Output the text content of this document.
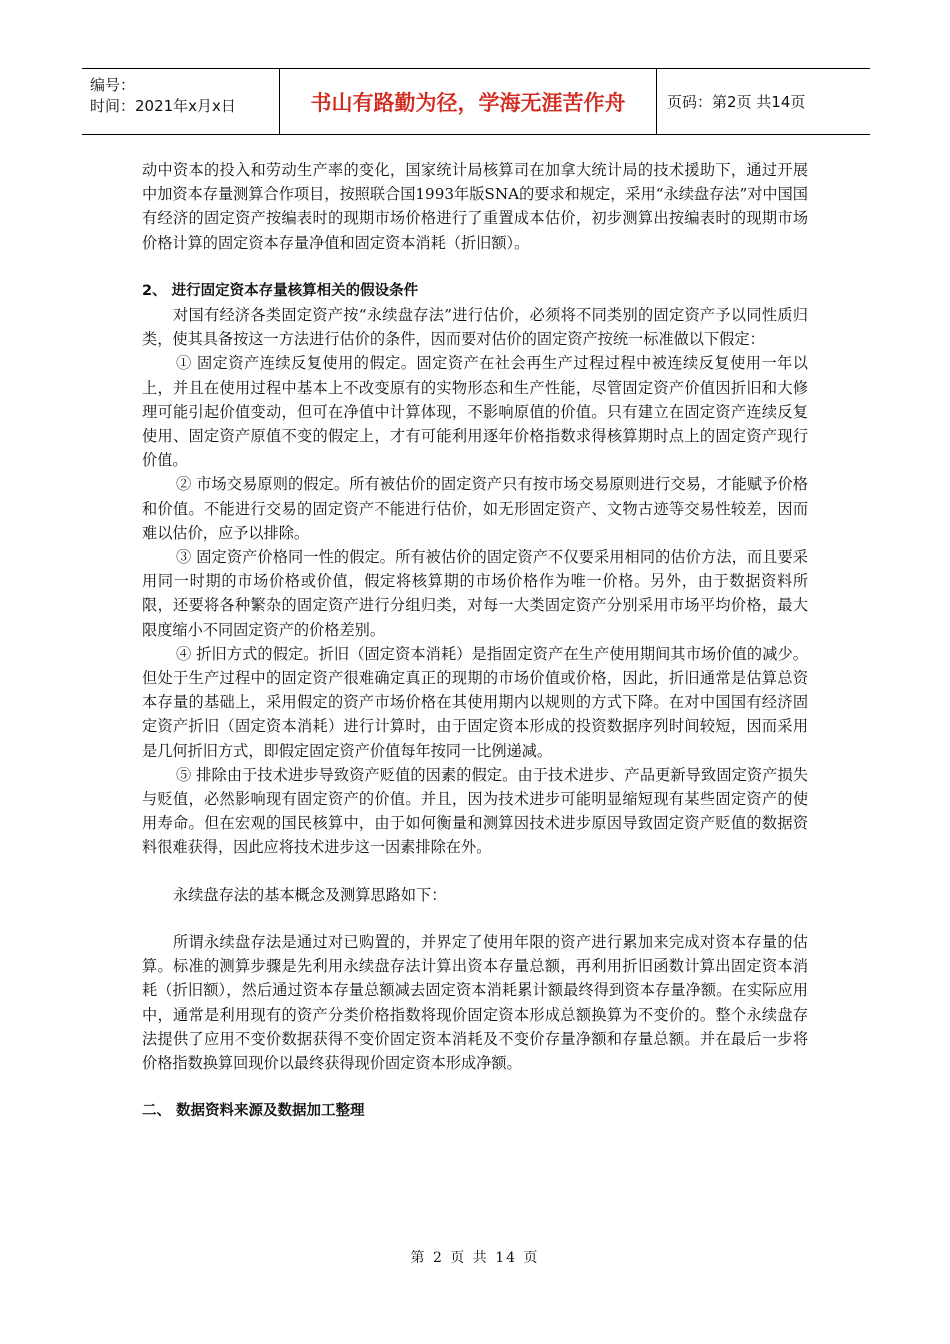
编号：
时间：2021年x月x日	书山有路勤为径，学海无涯苦作舟	页码：第2页 共14页

动中资本的投入和劳动生产率的变化，国家统计局核算司在加拿大统计局的技术援助下，通过开展中加资本存量测算合作项目，按照联合国1993年版SNA的要求和规定，采用“永续盘存法”对中国国有经济的固定资产按编表时的现期市场价格进行了重置成本估价，初步测算出按编表时的现期市场价格计算的固定资本存量净值和固定资本消耗（折旧额）。

2、 进行固定资本存量核算相关的假设条件

对国有经济各类固定资产按“永续盘存法”进行估价，必须将不同类别的固定资产予以同性质归类，使其具备按这一方法进行估价的条件，因而要对估价的固定资产按统一标准做以下假定：

① 固定资产连续反复使用的假定。固定资产在社会再生产过程过程中被连续反复使用一年以上，并且在使用过程中基本上不改变原有的实物形态和生产性能，尽管固定资产价值因折旧和大修理可能引起价值变动，但可在净值中计算体现，不影响原值的价值。只有建立在固定资产连续反复使用、固定资产原值不变的假定上，才有可能利用逐年价格指数求得核算期时点上的固定资产现行价值。

② 市场交易原则的假定。所有被估价的固定资产只有按市场交易原则进行交易，才能赋予价格和价值。不能进行交易的固定资产不能进行估价，如无形固定资产、文物古迹等交易性较差，因而难以估价，应予以排除。

③ 固定资产价格同一性的假定。所有被估价的固定资产不仅要采用相同的估价方法，而且要采用同一时期的市场价格或价值，假定将核算期的市场价格作为唯一价格。另外，由于数据资料所限，还要将各种繁杂的固定资产进行分组归类，对每一大类固定资产分别采用市场平均价格，最大限度缩小不同固定资产的价格差别。

④ 折旧方式的假定。折旧（固定资本消耗）是指固定资产在生产使用期间其市场价值的减少。但处于生产过程中的固定资产很难确定真正的现期的市场价值或价格，因此，折旧通常是估算总资本存量的基础上，采用假定的资产市场价格在其使用期内以规则的方式下降。在对中国国有经济固定资产折旧（固定资本消耗）进行计算时，由于固定资本形成的投资数据序列时间较短，因而采用是几何折旧方式，即假定固定资产价值每年按同一比例递减。

⑤ 排除由于技术进步导致资产贬值的因素的假定。由于技术进步、产品更新导致固定资产损失与贬值，必然影响现有固定资产的价值。并且，因为技术进步可能明显缩短现有某些固定资产的使用寿命。但在宏观的国民核算中，由于如何衡量和测算因技术进步原因导致固定资产贬值的数据资料很难获得，因此应将技术进步这一因素排除在外。

永续盘存法的基本概念及测算思路如下：

所谓永续盘存法是通过对已购置的，并界定了使用年限的资产进行累加来完成对资本存量的估算。标准的测算步骤是先利用永续盘存法计算出资本存量总额，再利用折旧函数计算出固定资本消耗（折旧额），然后通过资本存量总额减去固定资本消耗累计额最终得到资本存量净额。在实际应用中，通常是利用现有的资产分类价格指数将现价固定资本形成总额换算为不变价的。整个永续盘存法提供了应用不变价数据获得不变价固定资本消耗及不变价存量净额和存量总额。并在最后一步将价格指数换算回现价以最终获得现价固定资本形成净额。

二、 数据资料来源及数据加工整理

第 2 页 共 14 页
